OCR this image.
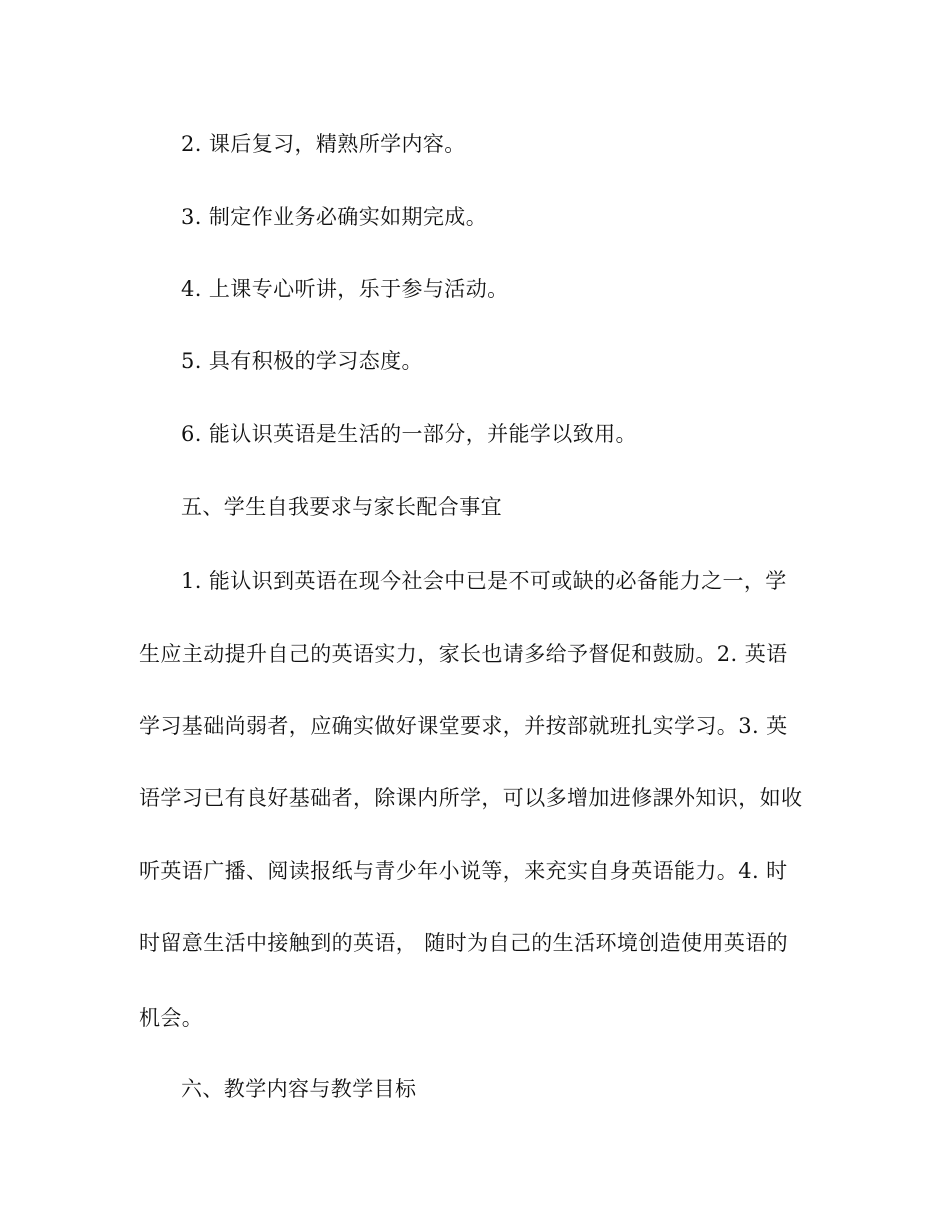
2. 课后复习，精熟所学内容。
3. 制定作业务必确实如期完成。
4. 上课专心听讲，乐于参与活动。
5. 具有积极的学习态度。
6. 能认识英语是生活的一部分，并能学以致用。
五、学生自我要求与家长配合事宜
1. 能认识到英语在现今社会中已是不可或缺的必备能力之一，学
生应主动提升自己的英语实力，家长也请多给予督促和鼓励。2. 英语
学习基础尚弱者，应确实做好课堂要求，并按部就班扎实学习。3. 英
语学习已有良好基础者，除课内所学，可以多增加进修課外知识，如收
听英语广播、阅读报纸与青少年小说等，来充实自身英语能力。4. 时
时留意生活中接触到的英语， 随时为自己的生活环境创造使用英语的
机会。
六、教学内容与教学目标
